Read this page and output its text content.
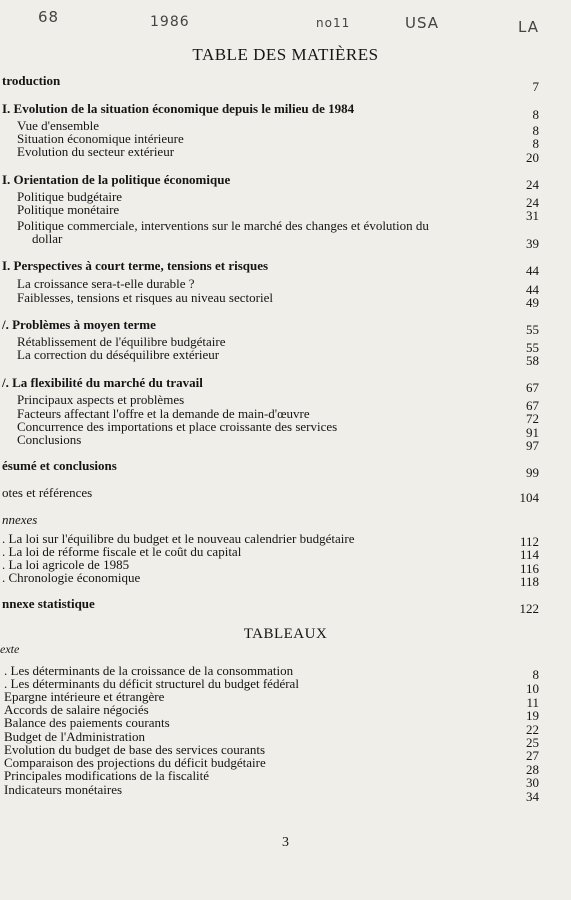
68	1986	no11	USA	LA
TABLE DES MATIÈRES
troduction	7
I. Evolution de la situation économique depuis le milieu de 1984	8
Vue d'ensemble	8
Situation économique intérieure	8
Evolution du secteur extérieur	20
I. Orientation de la politique économique	24
Politique budgétaire	24
Politique monétaire	31
Politique commerciale, interventions sur le marché des changes et évolution du
dollar	39
I. Perspectives à court terme, tensions et risques	44
La croissance sera-t-elle durable ?	44
Faiblesses, tensions et risques au niveau sectoriel	49
/. Problèmes à moyen terme	55
Rétablissement de l'équilibre budgétaire	55
La correction du déséquilibre extérieur	58
/. La flexibilité du marché du travail	67
Principaux aspects et problèmes	67
Facteurs affectant l'offre et la demande de main-d'œuvre	72
Concurrence des importations et place croissante des services	91
Conclusions	97
ésumé et conclusions	99
otes et références	104
nnexes
. La loi sur l'équilibre du budget et le nouveau calendrier budgétaire	112
. La loi de réforme fiscale et le coût du capital	114
. La loi agricole de 1985	116
. Chronologie économique	118
nnexe statistique	122
TABLEAUX
exte
. Les déterminants de la croissance de la consommation	8
. Les déterminants du déficit structurel du budget fédéral	10
Epargne intérieure et étrangère	11
Accords de salaire négociés	19
Balance des paiements courants	22
Budget de l'Administration	25
Evolution du budget de base des services courants	27
Comparaison des projections du déficit budgétaire	28
Principales modifications de la fiscalité	30
Indicateurs monétaires	34
3
